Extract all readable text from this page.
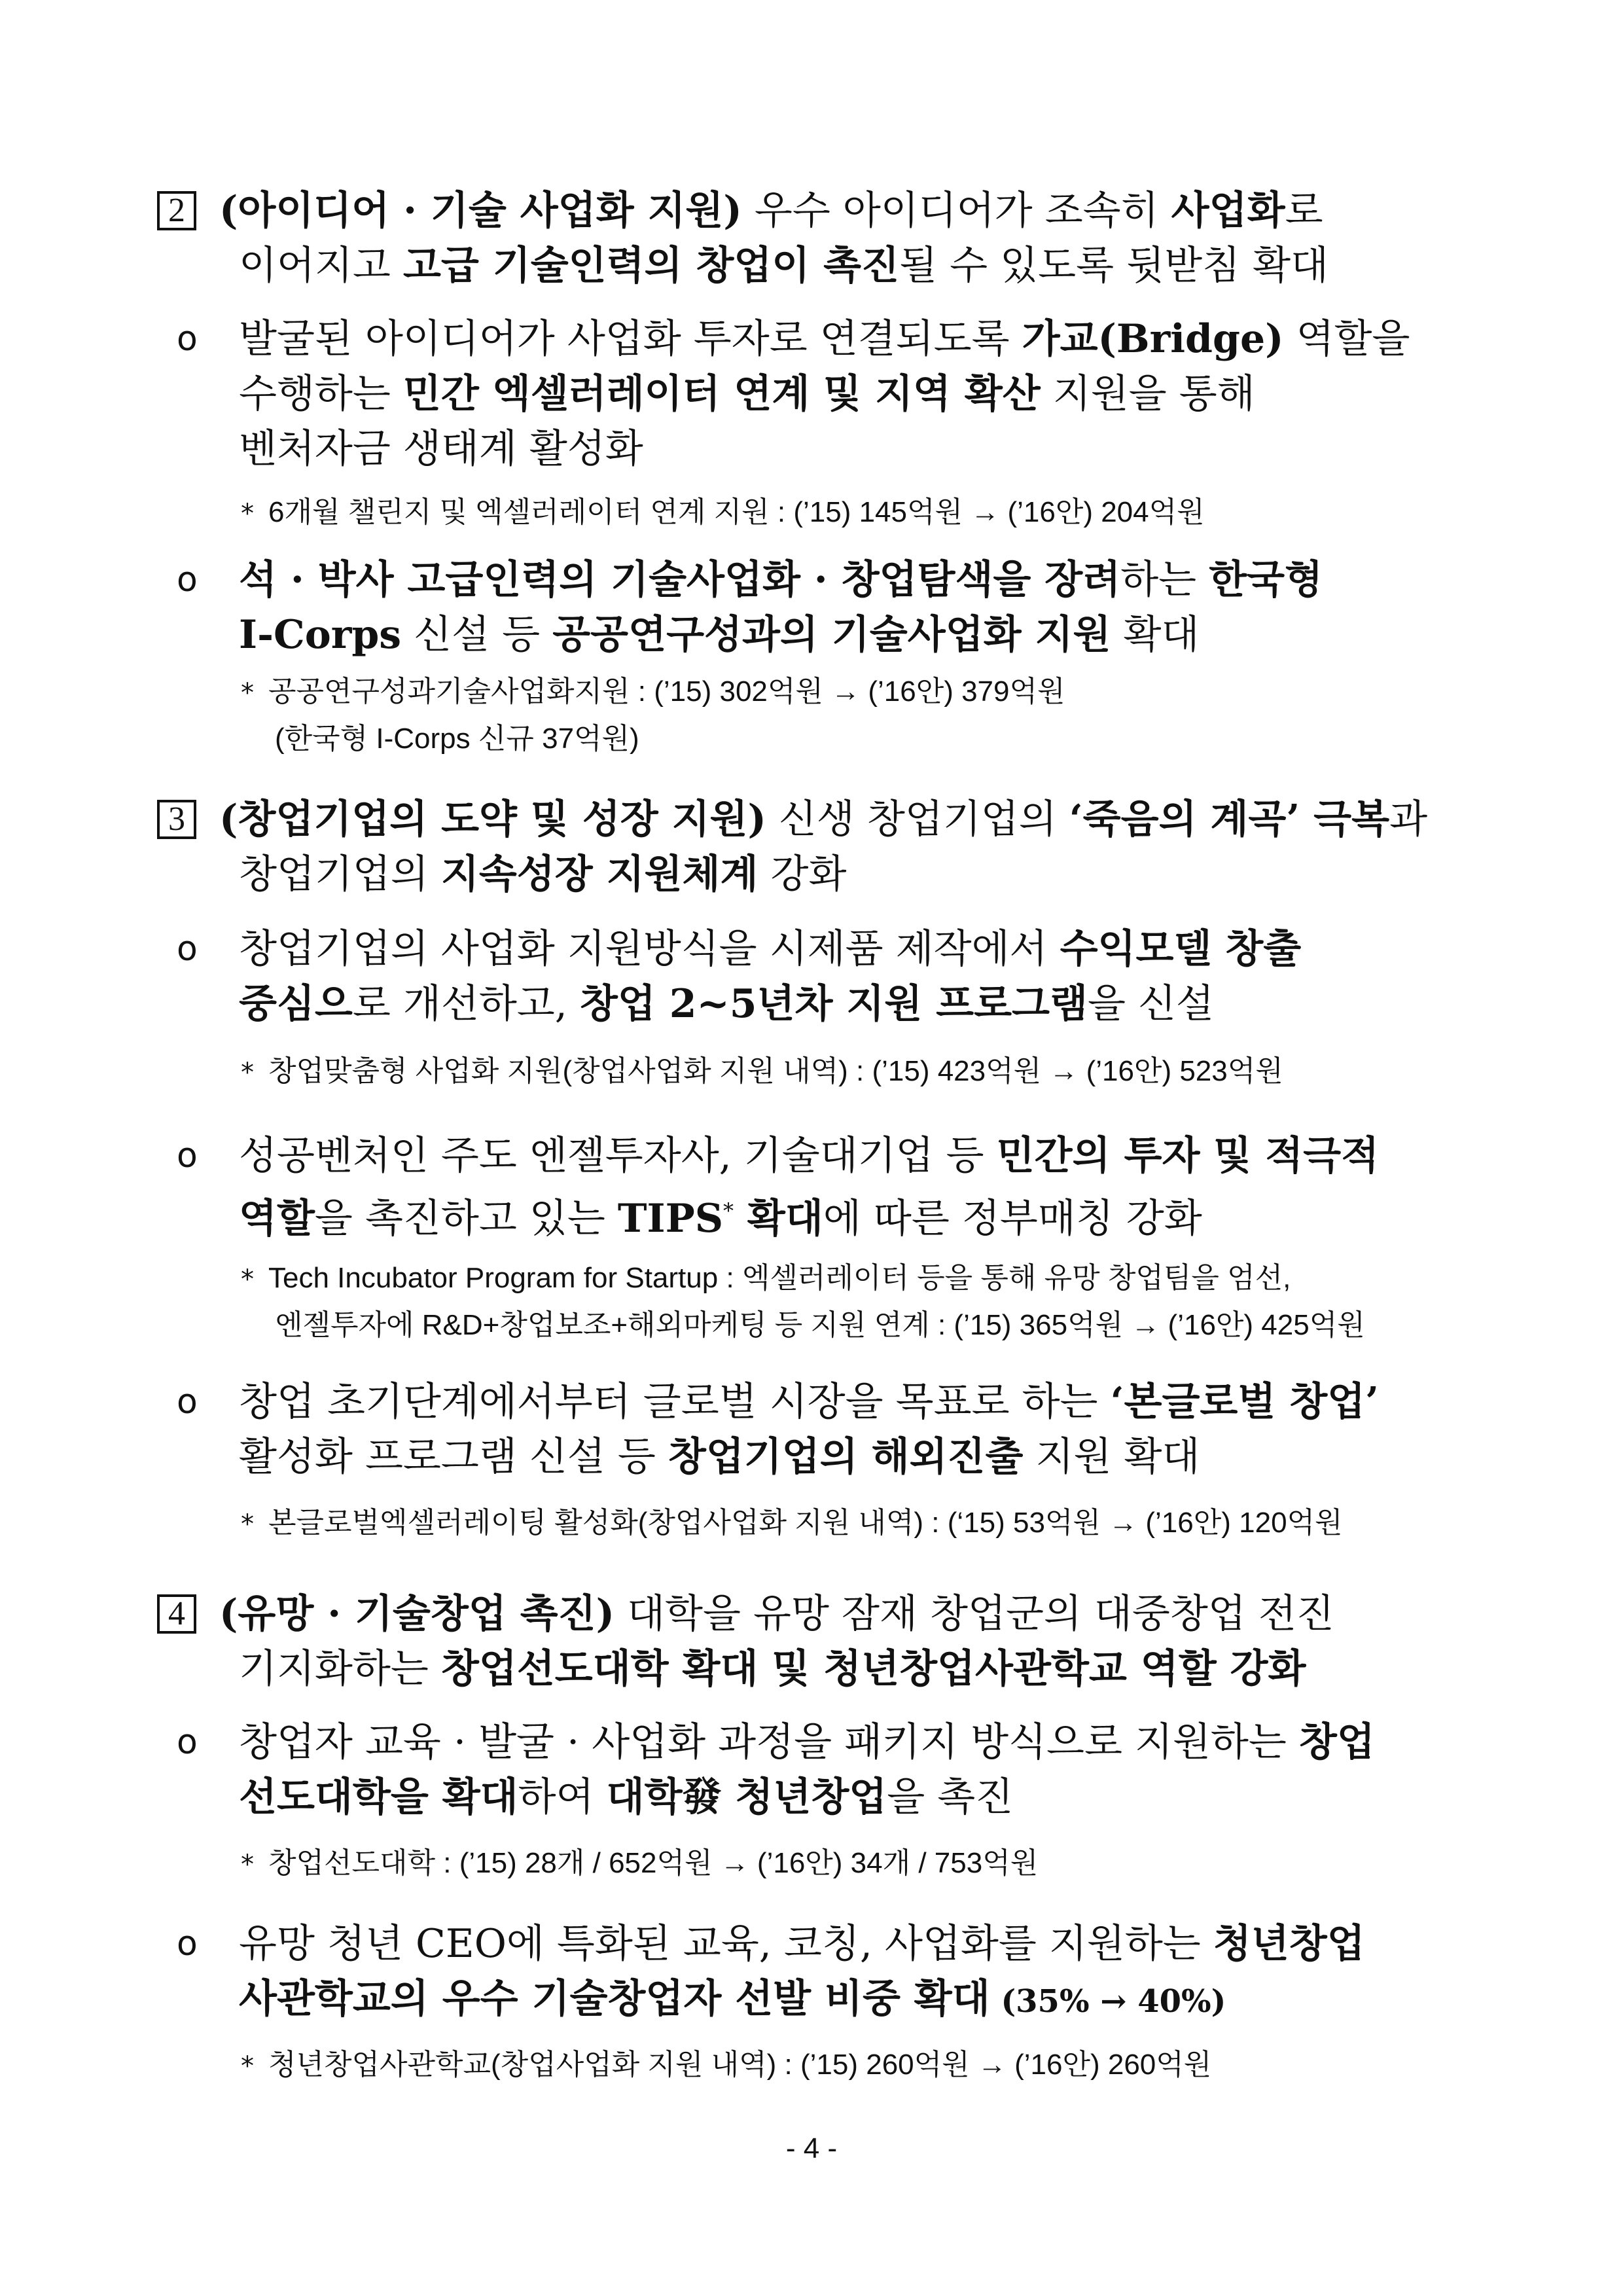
2 (아이디어 · 기술 사업화 지원) 우수 아이디어가 조속히 사업화로
이어지고 고급 기술인력의 창업이 촉진될 수 있도록 뒷받침 확대
o 발굴된 아이디어가 사업화 투자로 연결되도록 가교(Bridge) 역할을
수행하는 민간 엑셀러레이터 연계 및 지역 확산 지원을 통해
벤처자금 생태계 활성화
* 6개월 챌린지 및 엑셀러레이터 연계 지원 : (’15) 145억원 → (’16안) 204억원
o 석 · 박사 고급인력의 기술사업화 · 창업탐색을 장려하는 한국형
I-Corps 신설 등 공공연구성과의 기술사업화 지원 확대
* 공공연구성과기술사업화지원 : (’15) 302억원 → (’16안) 379억원
(한국형 I-Corps 신규 37억원)
3 (창업기업의 도약 및 성장 지원) 신생 창업기업의 ‘죽음의 계곡’ 극복과
창업기업의 지속성장 지원체계 강화
o 창업기업의 사업화 지원방식을 시제품 제작에서 수익모델 창출
중심으로 개선하고, 창업 2~5년차 지원 프로그램을 신설
* 창업맞춤형 사업화 지원(창업사업화 지원 내역) : (’15) 423억원 → (’16안) 523억원
o 성공벤처인 주도 엔젤투자사, 기술대기업 등 민간의 투자 및 적극적
역할을 촉진하고 있는 TIPS* 확대에 따른 정부매칭 강화
* Tech Incubator Program for Startup : 엑셀러레이터 등을 통해 유망 창업팀을 엄선,
엔젤투자에 R&D+창업보조+해외마케팅 등 지원 연계 : (’15) 365억원 → (’16안) 425억원
o 창업 초기단계에서부터 글로벌 시장을 목표로 하는 ‘본글로벌 창업’
활성화 프로그램 신설 등 창업기업의 해외진출 지원 확대
* 본글로벌엑셀러레이팅 활성화(창업사업화 지원 내역) : (‘15) 53억원 → (’16안) 120억원
4 (유망 · 기술창업 촉진) 대학을 유망 잠재 창업군의 대중창업 전진
기지화하는 창업선도대학 확대 및 청년창업사관학교 역할 강화
o 창업자 교육 · 발굴 · 사업화 과정을 패키지 방식으로 지원하는 창업
선도대학을 확대하여 대학發 청년창업을 촉진
* 창업선도대학 : (’15) 28개 / 652억원 → (’16안) 34개 / 753억원
o 유망 청년 CEO에 특화된 교육, 코칭, 사업화를 지원하는 청년창업
사관학교의 우수 기술창업자 선발 비중 확대 (35% → 40%)
* 청년창업사관학교(창업사업화 지원 내역) : (’15) 260억원 → (’16안) 260억원
- 4 -
